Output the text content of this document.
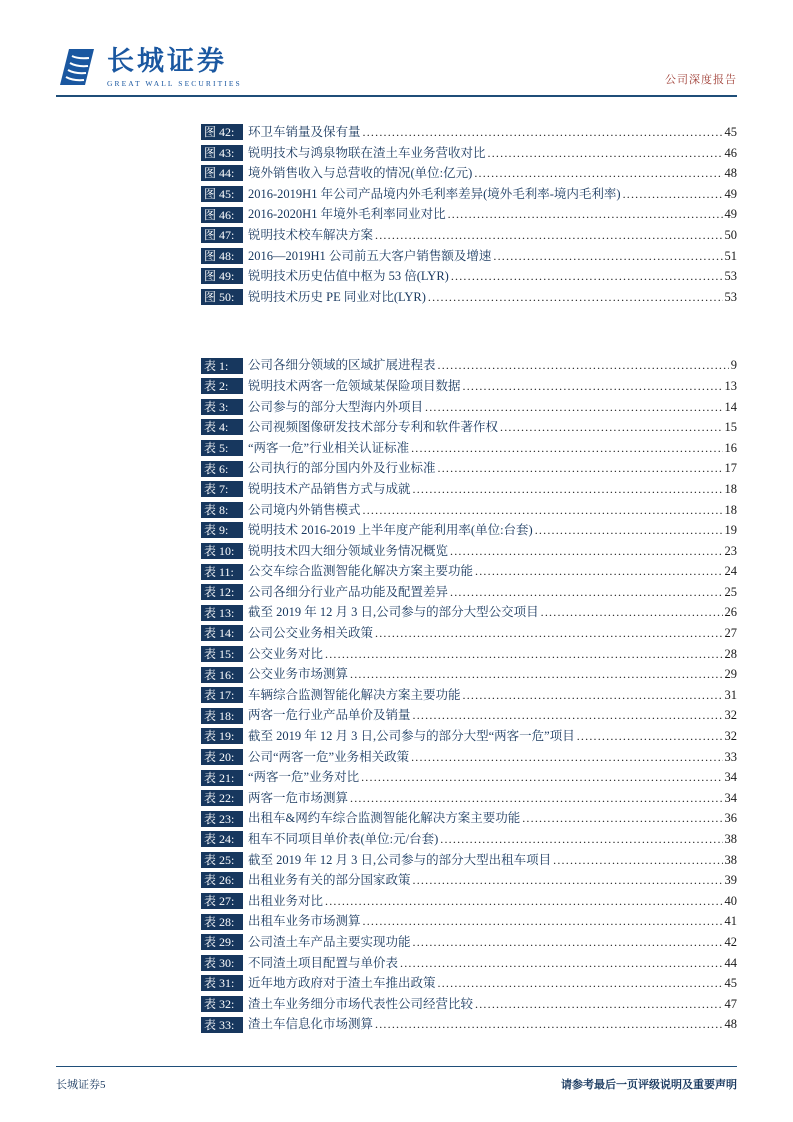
长城证券
GREAT WALL SECURITIES	公司深度报告
图 42:	环卫车销量及保有量 .....	45
图 43:	锐明技术与鸿泉物联在渣土车业务营收对比 .....	46
图 44:	境外销售收入与总营收的情况(单位:亿元) .....	48
图 45:	2016-2019H1 年公司产品境内外毛利率差异(境外毛利率-境内毛利率) .....	49
图 46:	2016-2020H1 年境外毛利率同业对比 .....	49
图 47:	锐明技术校车解决方案 .....	50
图 48:	2016—2019H1 公司前五大客户销售额及增速 .....	51
图 49:	锐明技术历史估值中枢为 53 倍(LYR) .....	53
图 50:	锐明技术历史 PE 同业对比(LYR) .....	53
表 1:	公司各细分领域的区域扩展进程表 .....	9
表 2:	锐明技术两客一危领域某保险项目数据 .....	13
表 3:	公司参与的部分大型海内外项目 .....	14
表 4:	公司视频图像研发技术部分专利和软件著作权 .....	15
表 5:	“两客一危”行业相关认证标准 .....	16
表 6:	公司执行的部分国内外及行业标准 .....	17
表 7:	锐明技术产品销售方式与成就 .....	18
表 8:	公司境内外销售模式 .....	18
表 9:	锐明技术 2016-2019 上半年度产能利用率(单位:台套) .....	19
表 10:	锐明技术四大细分领域业务情况概览 .....	23
表 11:	公交车综合监测智能化解决方案主要功能 .....	24
表 12:	公司各细分行业产品功能及配置差异 .....	25
表 13:	截至 2019 年 12 月 3 日,公司参与的部分大型公交项目 .....	26
表 14:	公司公交业务相关政策 .....	27
表 15:	公交业务对比 .....	28
表 16:	公交业务市场测算 .....	29
表 17:	车辆综合监测智能化解决方案主要功能 .....	31
表 18:	两客一危行业产品单价及销量 .....	32
表 19:	截至 2019 年 12 月 3 日,公司参与的部分大型“两客一危”项目 .....	32
表 20:	公司“两客一危”业务相关政策 .....	33
表 21:	“两客一危”业务对比 .....	34
表 22:	两客一危市场测算 .....	34
表 23:	出租车&网约车综合监测智能化解决方案主要功能 .....	36
表 24:	租车不同项目单价表(单位:元/台套) .....	38
表 25:	截至 2019 年 12 月 3 日,公司参与的部分大型出租车项目 .....	38
表 26:	出租业务有关的部分国家政策 .....	39
表 27:	出租业务对比 .....	40
表 28:	出租车业务市场测算 .....	41
表 29:	公司渣土车产品主要实现功能 .....	42
表 30:	不同渣土项目配置与单价表 .....	44
表 31:	近年地方政府对于渣土车推出政策 .....	45
表 32:	渣土车业务细分市场代表性公司经营比较 .....	47
表 33:	渣土车信息化市场测算 .....	48
长城证券5	请参考最后一页评级说明及重要声明
